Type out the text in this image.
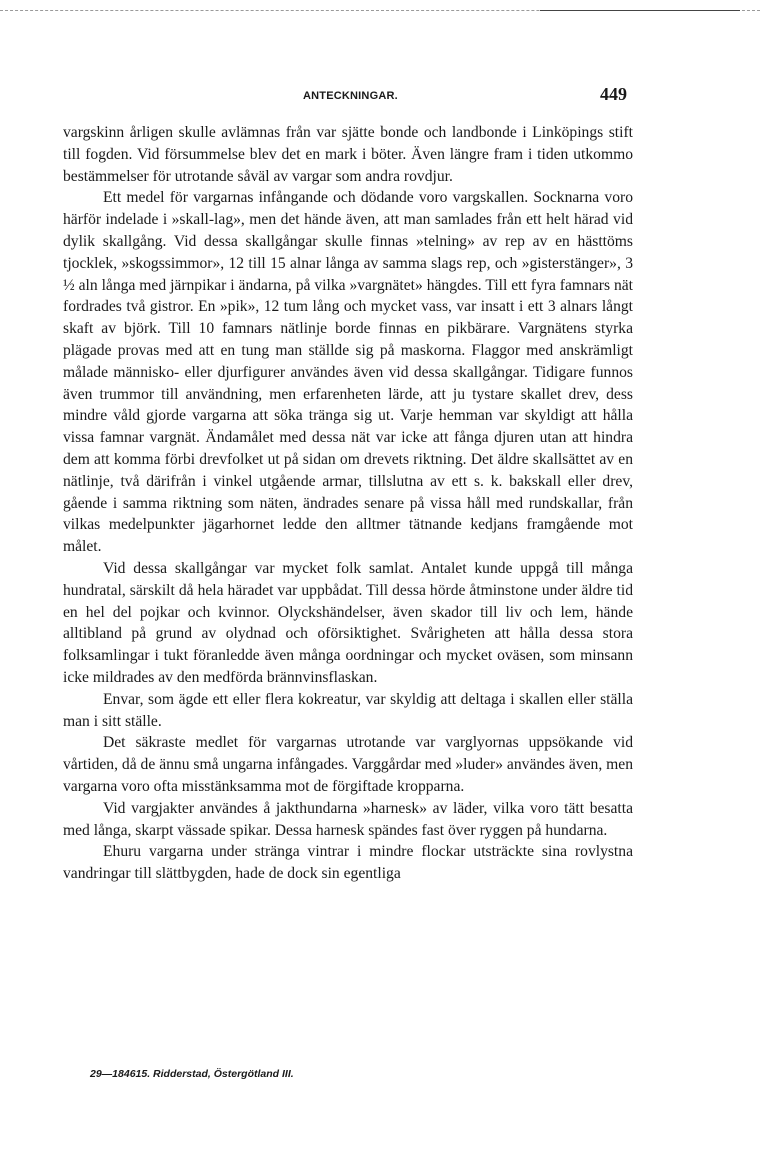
ANTECKNINGAR.	449

vargskinn årligen skulle avlämnas från var sjätte bonde och landbonde i Linköpings stift till fogden. Vid försummelse blev det en mark i böter. Även längre fram i tiden utkommo bestämmelser för utrotande såväl av vargar som andra rovdjur.

Ett medel för vargarnas infångande och dödande voro vargskallen. Socknarna voro härför indelade i »skall-lag», men det hände även, att man samlades från ett helt härad vid dylik skallgång. Vid dessa skallgångar skulle finnas »telning» av rep av en hästtöms tjocklek, »skogssimmor», 12 till 15 alnar långa av samma slags rep, och »gisterstänger», 3 ½ aln långa med järnpikar i ändarna, på vilka »vargnätet» hängdes. Till ett fyra famnars nät fordrades två gistror. En »pik», 12 tum lång och mycket vass, var insatt i ett 3 alnars långt skaft av björk. Till 10 famnars nätlinje borde finnas en pikbärare. Vargnätens styrka plägade provas med att en tung man ställde sig på maskorna. Flaggor med anskrämligt målade människo- eller djurfigurer användes även vid dessa skallgångar. Tidigare funnos även trummor till användning, men erfarenheten lärde, att ju tystare skallet drev, dess mindre våld gjorde vargarna att söka tränga sig ut. Varje hemman var skyldigt att hålla vissa famnar vargnät. Ändamålet med dessa nät var icke att fånga djuren utan att hindra dem att komma förbi drevfolket ut på sidan om drevets riktning. Det äldre skallsättet av en nätlinje, två därifrån i vinkel utgående armar, tillslutna av ett s. k. bakskall eller drev, gående i samma riktning som näten, ändrades senare på vissa håll med rundskallar, från vilkas medelpunkter jägarhornet ledde den alltmer tätnande kedjans framgående mot målet.

Vid dessa skallgångar var mycket folk samlat. Antalet kunde uppgå till många hundratal, särskilt då hela häradet var uppbådat. Till dessa hörde åtminstone under äldre tid en hel del pojkar och kvinnor. Olyckshändelser, även skador till liv och lem, hände alltibland på grund av olydnad och oförsiktighet. Svårigheten att hålla dessa stora folksamlingar i tukt föranledde även många oordningar och mycket oväsen, som minsann icke mildrades av den medförda brännvinsflaskan.

Envar, som ägde ett eller flera kokreatur, var skyldig att deltaga i skallen eller ställa man i sitt ställe.

Det säkraste medlet för vargarnas utrotande var varglyornas uppsökande vid vårtiden, då de ännu små ungarna infångades. Varggårdar med »luder» användes även, men vargarna voro ofta misstänksamma mot de förgiftade kropparna.

Vid vargjakter användes å jakthundarna »harnesk» av läder, vilka voro tätt besatta med långa, skarpt vässade spikar. Dessa harnesk spändes fast över ryggen på hundarna.

Ehuru vargarna under stränga vintrar i mindre flockar utsträckte sina rovlystna vandringar till slättbygden, hade de dock sin egentliga

29—184615. Ridderstad, Östergötland III.
